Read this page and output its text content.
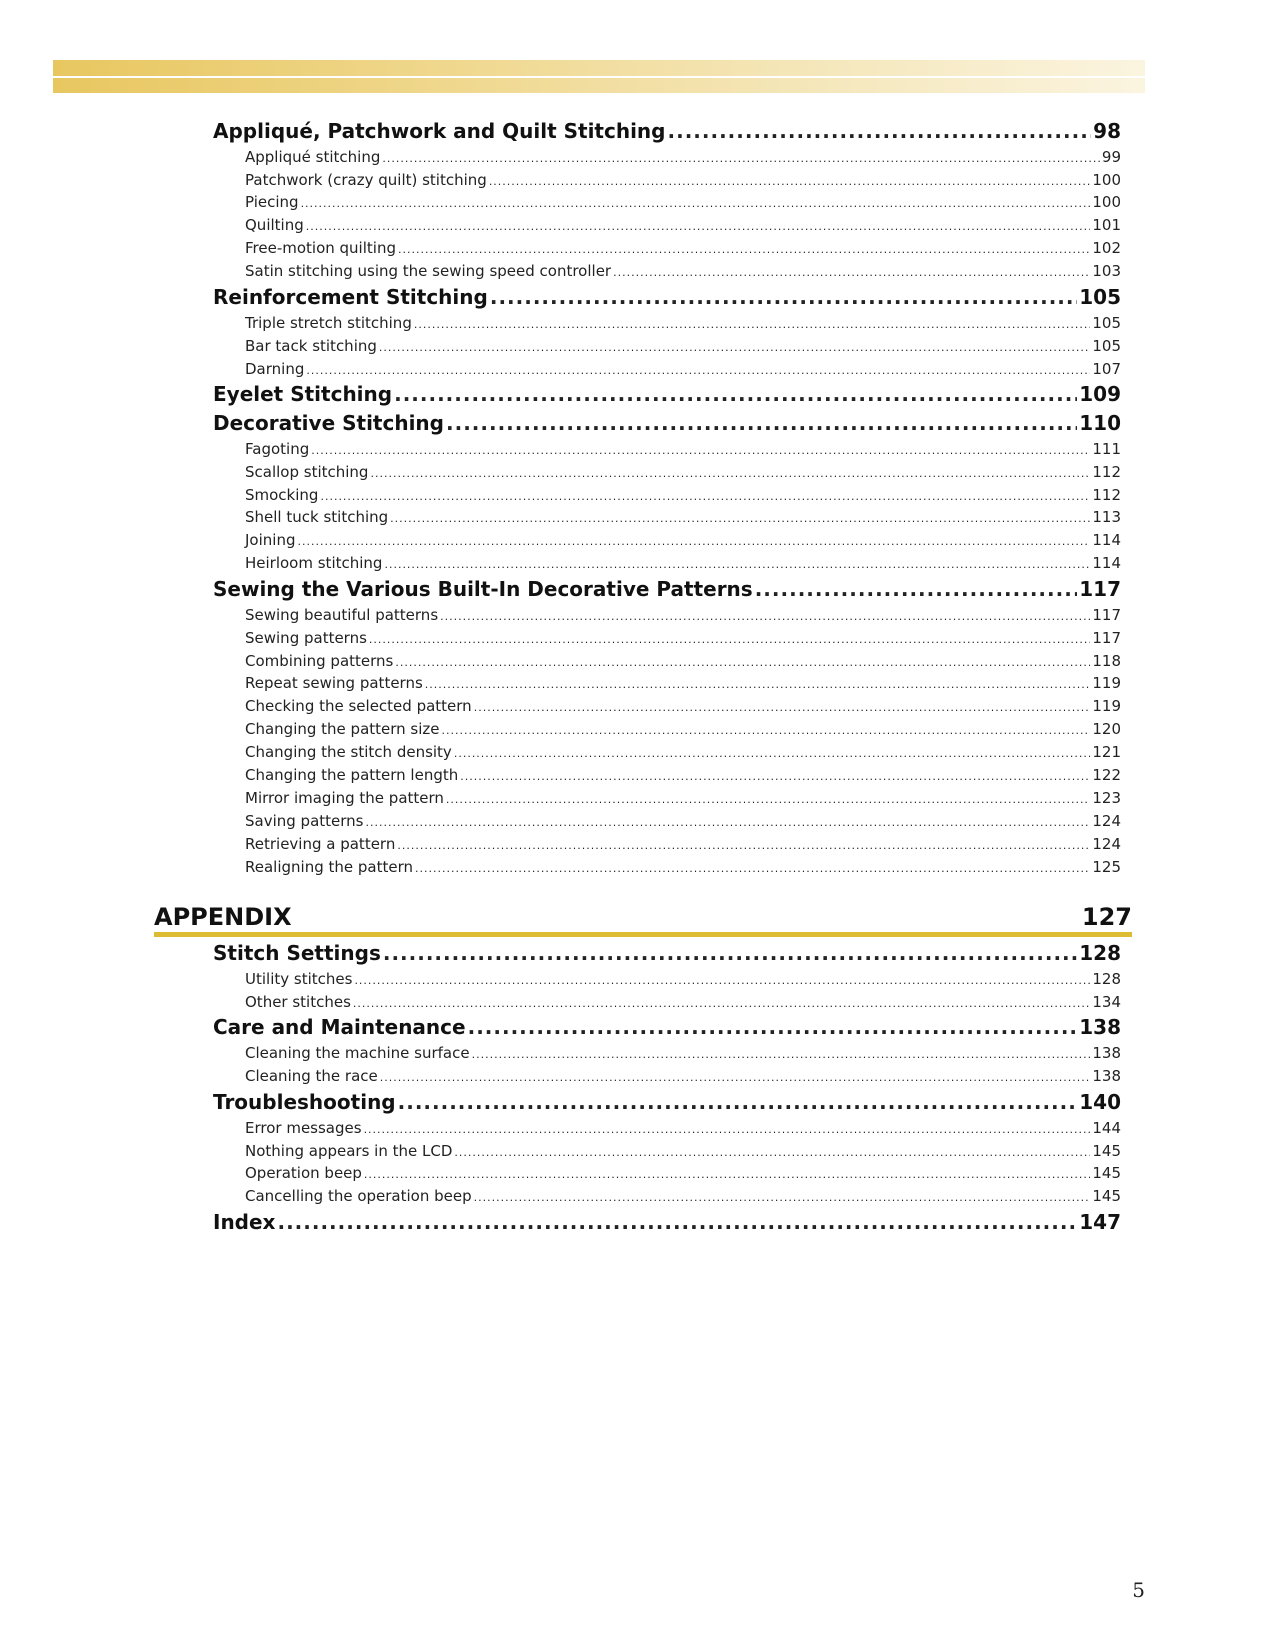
Appliqué, Patchwork and Quilt Stitching .....	98
Appliqué stitching .....	99
Patchwork (crazy quilt) stitching .....	100
Piecing .....	100
Quilting .....	101
Free-motion quilting .....	102
Satin stitching using the sewing speed controller .....	103
Reinforcement Stitching .....	105
Triple stretch stitching .....	105
Bar tack stitching .....	105
Darning .....	107
Eyelet Stitching .....	109
Decorative Stitching .....	110
Fagoting .....	111
Scallop stitching .....	112
Smocking .....	112
Shell tuck stitching .....	113
Joining .....	114
Heirloom stitching .....	114
Sewing the Various Built-In Decorative Patterns .....	117
Sewing beautiful patterns .....	117
Sewing patterns .....	117
Combining patterns .....	118
Repeat sewing patterns .....	119
Checking the selected pattern .....	119
Changing the pattern size .....	120
Changing the stitch density .....	121
Changing the pattern length .....	122
Mirror imaging the pattern .....	123
Saving patterns .....	124
Retrieving a pattern .....	124
Realigning the pattern .....	125
APPENDIX	127
Stitch Settings .....	128
Utility stitches .....	128
Other stitches .....	134
Care and Maintenance .....	138
Cleaning the machine surface .....	138
Cleaning the race .....	138
Troubleshooting .....	140
Error messages .....	144
Nothing appears in the LCD .....	145
Operation beep .....	145
Cancelling the operation beep .....	145
Index .....	147
5
